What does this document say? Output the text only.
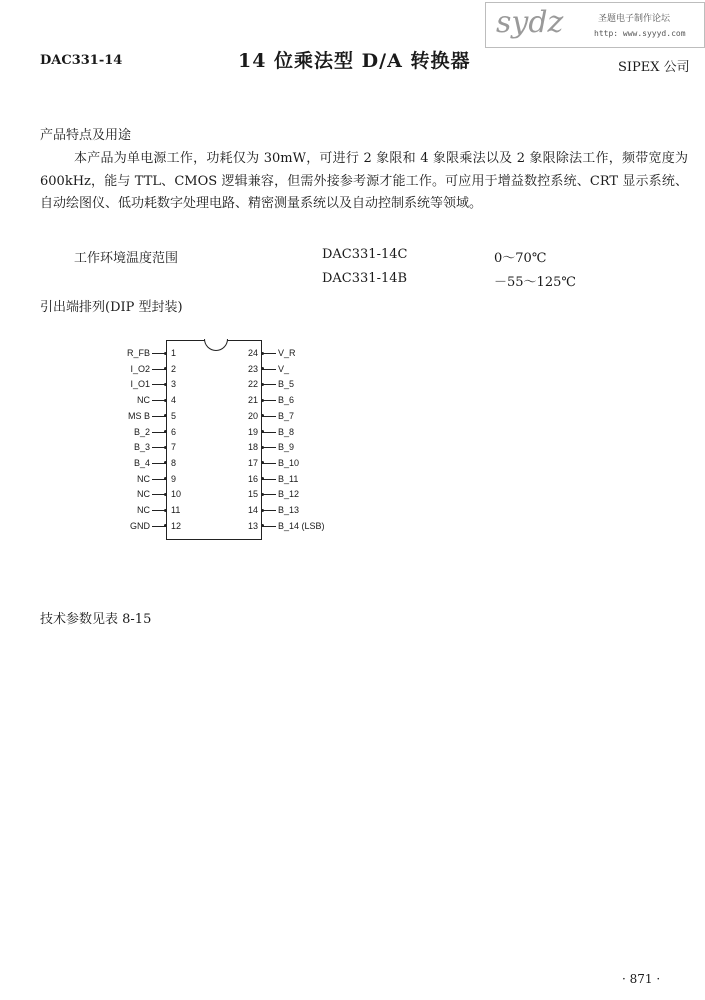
DAC331-14	14 位乘法型 D/A 转换器	SIPEX 公司
sydz	圣题电子制作论坛
http: www.syyyd.com
产品特点及用途
本产品为单电源工作，功耗仅为 30mW，可进行 2 象限和 4 象限乘法以及 2 象限除法工作，频带宽度为 600kHz，能与 TTL、CMOS 逻辑兼容，但需外接参考源才能工作。可应用于增益数控系统、CRT 显示系统、自动绘图仪、低功耗数字处理电路、精密测量系统以及自动控制系统等领域。
工作环境温度范围	DAC331-14C	0～70℃
DAC331-14B	－55～125℃
引出端排列(DIP 型封装)
R_FB 1
I_O2 2
I_O1 3
NC 4
MS B 5
B_2 6
B_3 7
B_4 8
NC 9
NC 10
NC 11
GND 12
24 V_R
23 V_
22 B_5
21 B_6
20 B_7
19 B_8
18 B_9
17 B_10
16 B_11
15 B_12
14 B_13
13 B_14 (LSB)
技术参数见表 8-15
· 871 ·
